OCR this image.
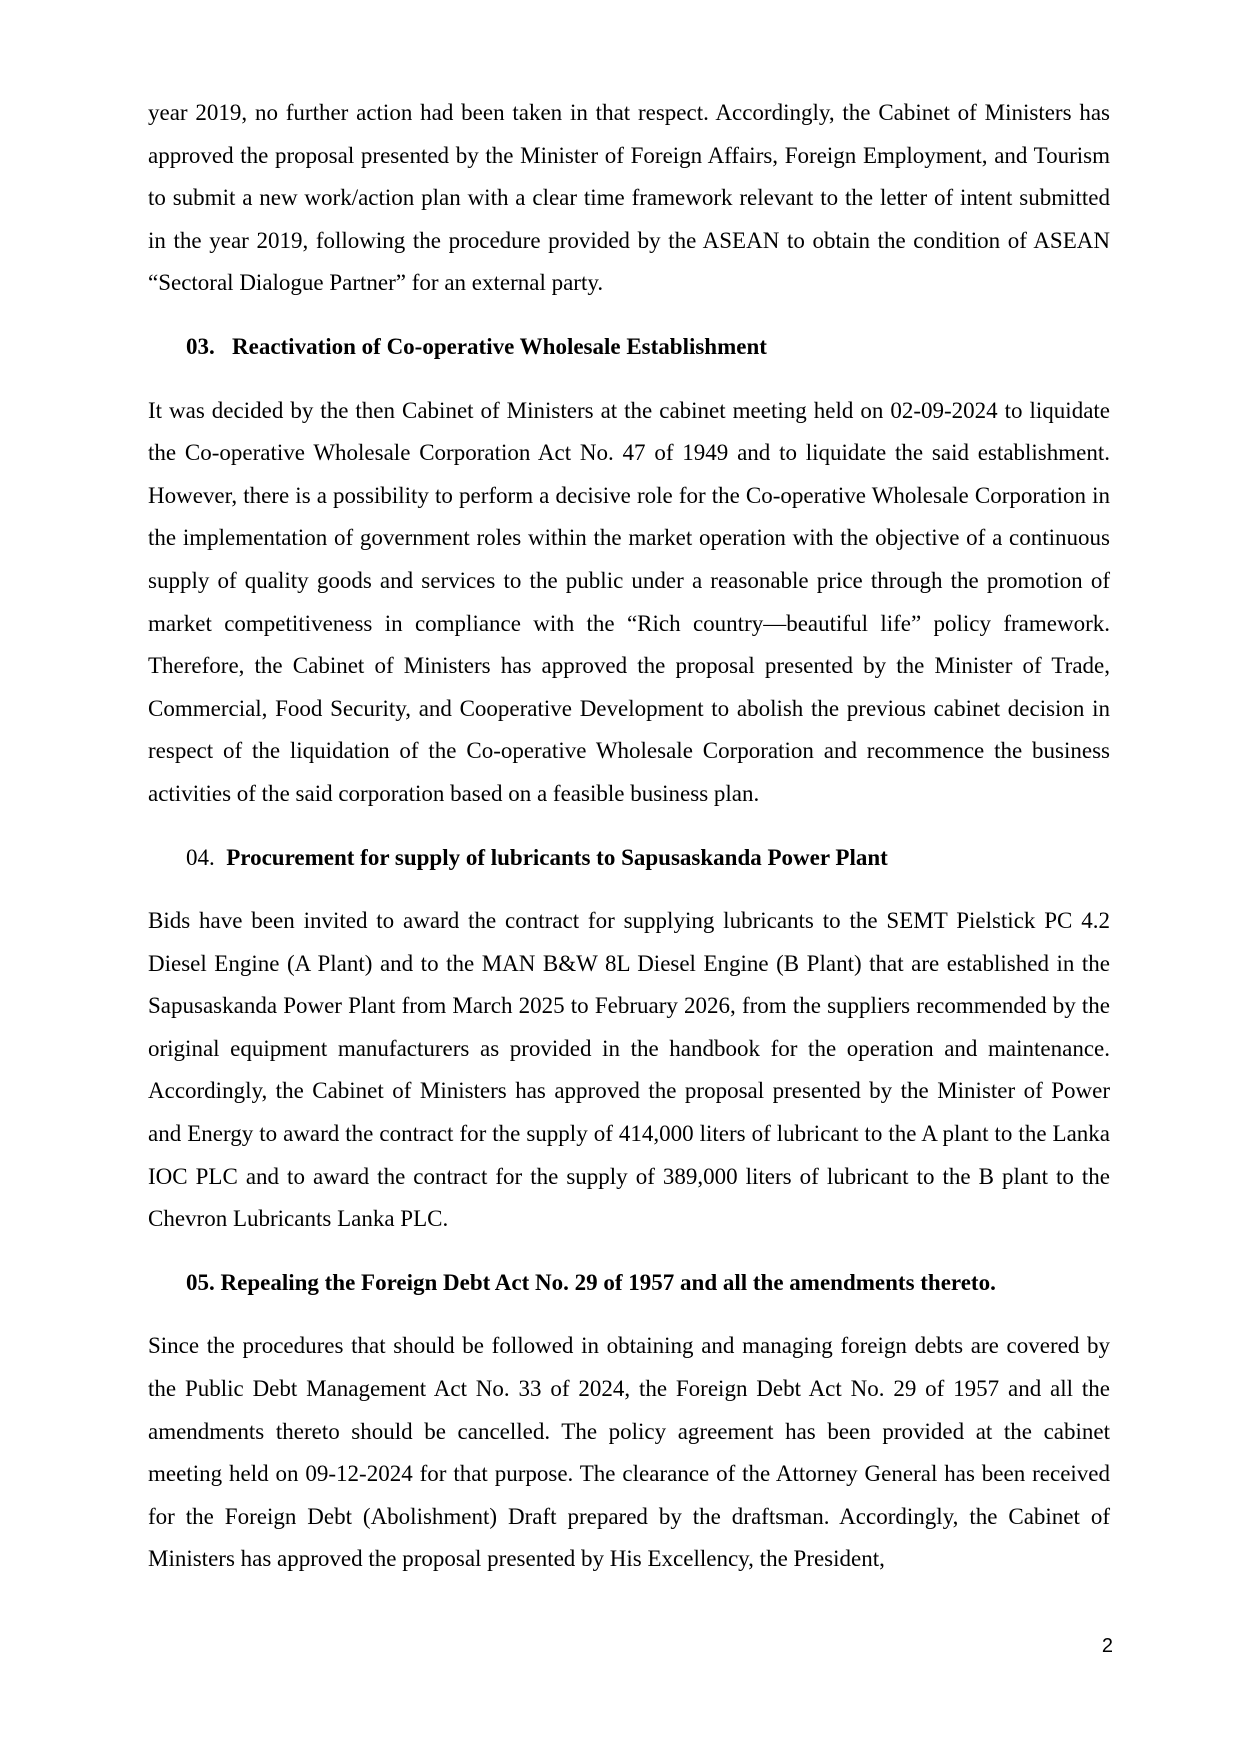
year 2019, no further action had been taken in that respect. Accordingly, the Cabinet of Ministers has approved the proposal presented by the Minister of Foreign Affairs, Foreign Employment, and Tourism to submit a new work/action plan with a clear time framework relevant to the letter of intent submitted in the year 2019, following the procedure provided by the ASEAN to obtain the condition of ASEAN “Sectoral Dialogue Partner” for an external party.

03. Reactivation of Co-operative Wholesale Establishment

It was decided by the then Cabinet of Ministers at the cabinet meeting held on 02-09-2024 to liquidate the Co-operative Wholesale Corporation Act No. 47 of 1949 and to liquidate the said establishment. However, there is a possibility to perform a decisive role for the Co-operative Wholesale Corporation in the implementation of government roles within the market operation with the objective of a continuous supply of quality goods and services to the public under a reasonable price through the promotion of market competitiveness in compliance with the “Rich country—beautiful life” policy framework. Therefore, the Cabinet of Ministers has approved the proposal presented by the Minister of Trade, Commercial, Food Security, and Cooperative Development to abolish the previous cabinet decision in respect of the liquidation of the Co-operative Wholesale Corporation and recommence the business activities of the said corporation based on a feasible business plan.

04. Procurement for supply of lubricants to Sapusaskanda Power Plant

Bids have been invited to award the contract for supplying lubricants to the SEMT Pielstick PC 4.2 Diesel Engine (A Plant) and to the MAN B&W 8L Diesel Engine (B Plant) that are established in the Sapusaskanda Power Plant from March 2025 to February 2026, from the suppliers recommended by the original equipment manufacturers as provided in the handbook for the operation and maintenance. Accordingly, the Cabinet of Ministers has approved the proposal presented by the Minister of Power and Energy to award the contract for the supply of 414,000 liters of lubricant to the A plant to the Lanka IOC PLC and to award the contract for the supply of 389,000 liters of lubricant to the B plant to the Chevron Lubricants Lanka PLC.

05. Repealing the Foreign Debt Act No. 29 of 1957 and all the amendments thereto.

Since the procedures that should be followed in obtaining and managing foreign debts are covered by the Public Debt Management Act No. 33 of 2024, the Foreign Debt Act No. 29 of 1957 and all the amendments thereto should be cancelled. The policy agreement has been provided at the cabinet meeting held on 09-12-2024 for that purpose. The clearance of the Attorney General has been received for the Foreign Debt (Abolishment) Draft prepared by the draftsman. Accordingly, the Cabinet of Ministers has approved the proposal presented by His Excellency, the President,

2
